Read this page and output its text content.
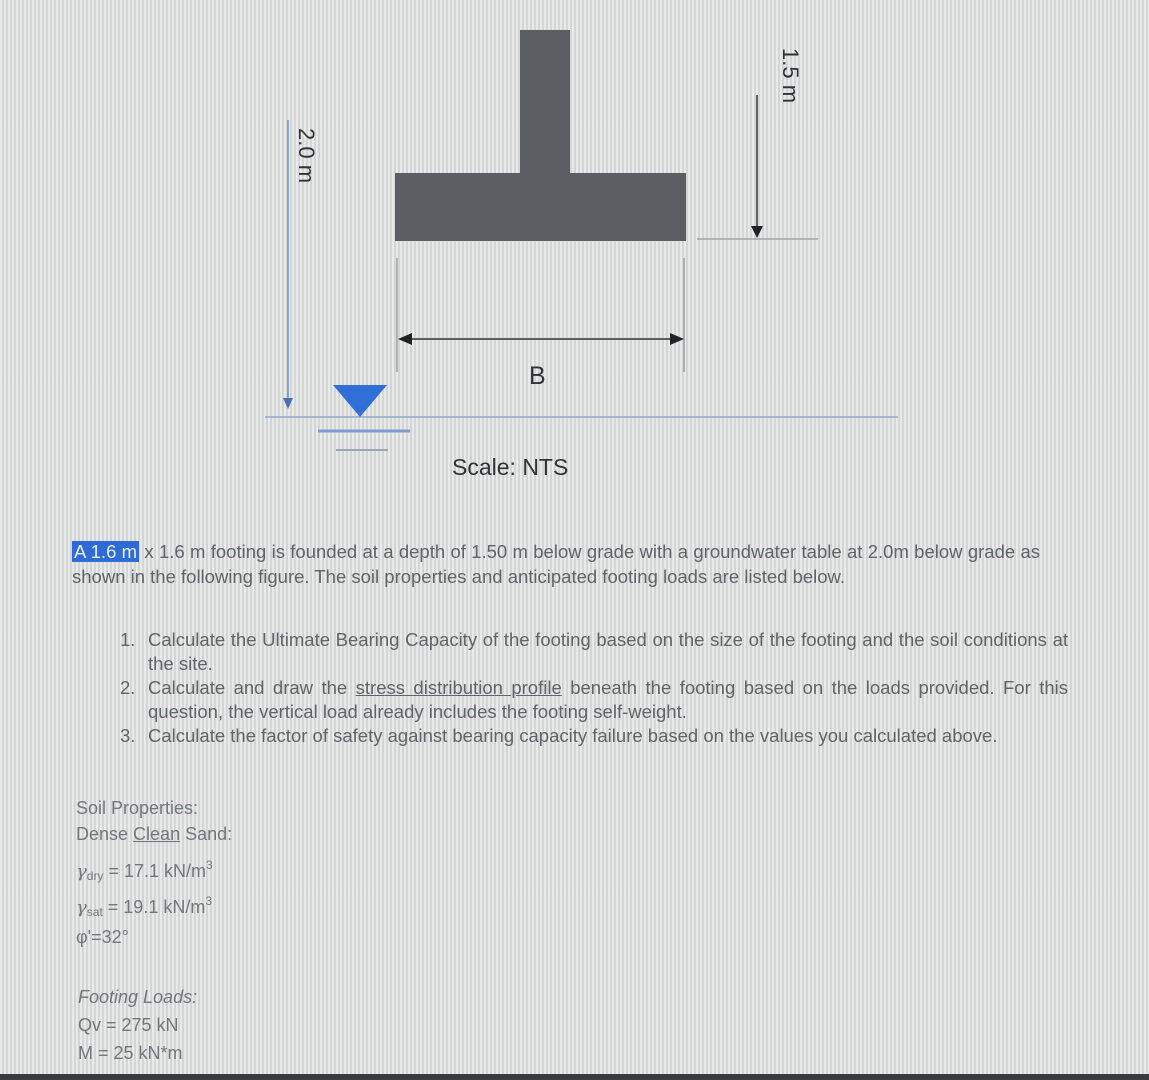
2.0 m
1.5 m
B
Scale: NTS
A 1.6 m x 1.6 m footing is founded at a depth of 1.50 m below grade with a groundwater table at 2.0m below grade as shown in the following figure. The soil properties and anticipated footing loads are listed below.
1. Calculate the Ultimate Bearing Capacity of the footing based on the size of the footing and the soil conditions at the site.
2. Calculate and draw the stress distribution profile beneath the footing based on the loads provided. For this question, the vertical load already includes the footing self-weight.
3. Calculate the factor of safety against bearing capacity failure based on the values you calculated above.
Soil Properties:
Dense Clean Sand:
$\gamma_{dry} = 17.1$ $kN/m^3$
$\gamma_{sat} = 19.1$ $kN/m^3$
φ'=32°
Footing Loads:
Qv = 275 kN
M = 25 kN*m
